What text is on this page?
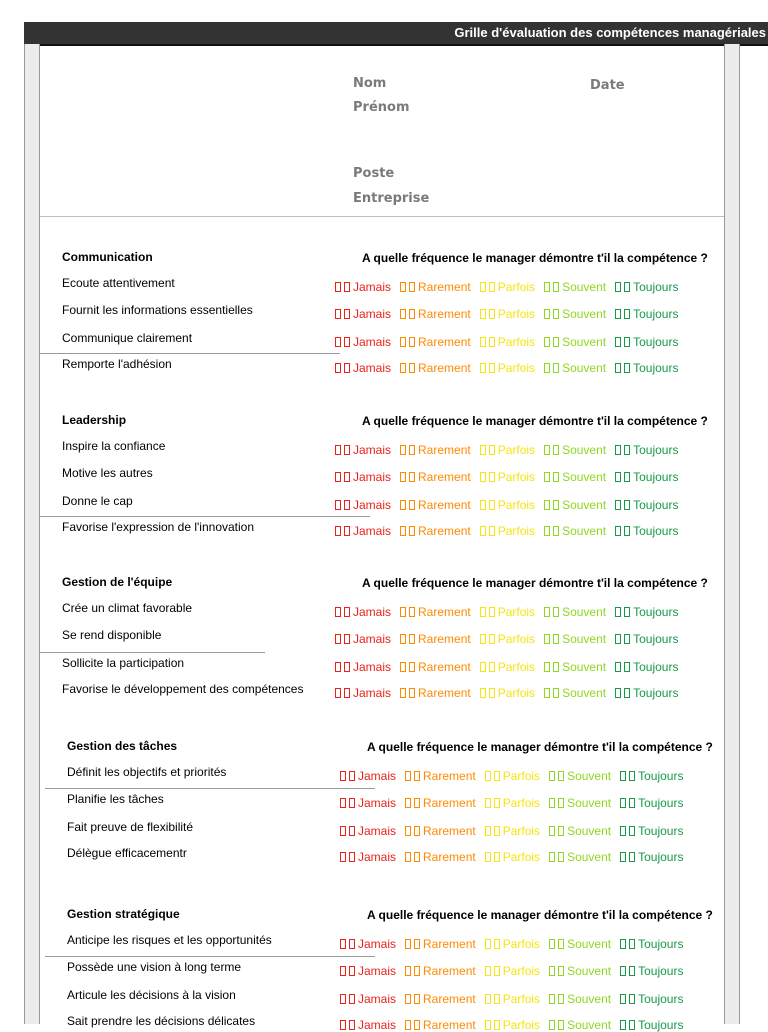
Grille d'évaluation des compétences managériales
Nom
Prénom
Date
Poste
Entreprise
Communication	A quelle fréquence le manager démontre t'il la compétence ?
Ecoute attentivement	Jamais Rarement Parfois Souvent Toujours
Fournit les informations essentielles	Jamais Rarement Parfois Souvent Toujours
Communique clairement	Jamais Rarement Parfois Souvent Toujours
Remporte l'adhésion	Jamais Rarement Parfois Souvent Toujours
Leadership	A quelle fréquence le manager démontre t'il la compétence ?
Inspire la confiance	Jamais Rarement Parfois Souvent Toujours
Motive les autres	Jamais Rarement Parfois Souvent Toujours
Donne le cap	Jamais Rarement Parfois Souvent Toujours
Favorise l'expression de l'innovation	Jamais Rarement Parfois Souvent Toujours
Gestion de l'équipe	A quelle fréquence le manager démontre t'il la compétence ?
Crée un climat favorable	Jamais Rarement Parfois Souvent Toujours
Se rend disponible	Jamais Rarement Parfois Souvent Toujours
Sollicite la participation	Jamais Rarement Parfois Souvent Toujours
Favorise le développement des compétences	Jamais Rarement Parfois Souvent Toujours
Gestion des tâches	A quelle fréquence le manager démontre t'il la compétence ?
Définit les objectifs et priorités	Jamais Rarement Parfois Souvent Toujours
Planifie les tâches	Jamais Rarement Parfois Souvent Toujours
Fait preuve de flexibilité	Jamais Rarement Parfois Souvent Toujours
Délègue efficacementr	Jamais Rarement Parfois Souvent Toujours
Gestion stratégique	A quelle fréquence le manager démontre t'il la compétence ?
Anticipe les risques et les opportunités	Jamais Rarement Parfois Souvent Toujours
Possède une vision à long terme	Jamais Rarement Parfois Souvent Toujours
Articule les décisions à la vision	Jamais Rarement Parfois Souvent Toujours
Sait prendre les décisions délicates	Jamais Rarement Parfois Souvent Toujours
